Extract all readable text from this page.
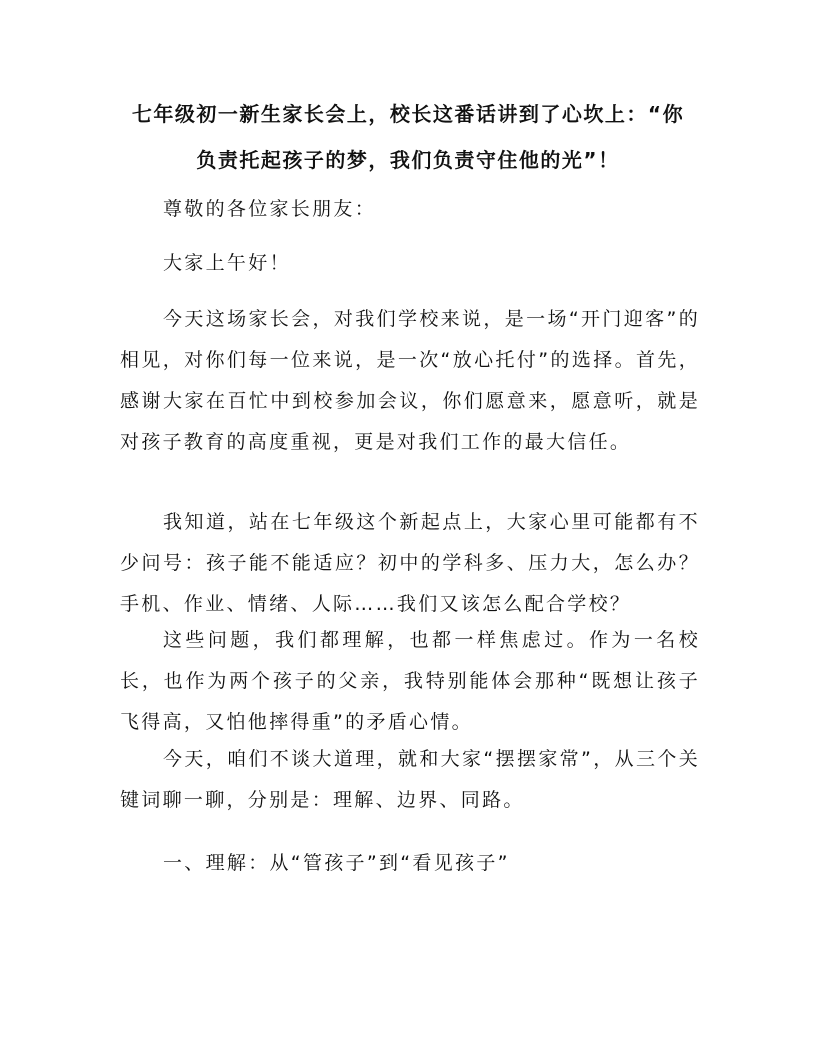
七年级初一新生家长会上，校长这番话讲到了心坎上：“你
负责托起孩子的梦，我们负责守住他的光”！

尊敬的各位家长朋友：

大家上午好！

今天这场家长会，对我们学校来说，是一场“开门迎客”的相见，对你们每一位来说，是一次“放心托付”的选择。首先，感谢大家在百忙中到校参加会议，你们愿意来，愿意听，就是对孩子教育的高度重视，更是对我们工作的最大信任。

我知道，站在七年级这个新起点上，大家心里可能都有不少问号：孩子能不能适应？初中的学科多、压力大，怎么办？手机、作业、情绪、人际……我们又该怎么配合学校？

这些问题，我们都理解，也都一样焦虑过。作为一名校长，也作为两个孩子的父亲，我特别能体会那种“既想让孩子飞得高，又怕他摔得重”的矛盾心情。

今天，咱们不谈大道理，就和大家“摆摆家常”，从三个关键词聊一聊，分别是：理解、边界、同路。

一、理解：从“管孩子”到“看见孩子”
